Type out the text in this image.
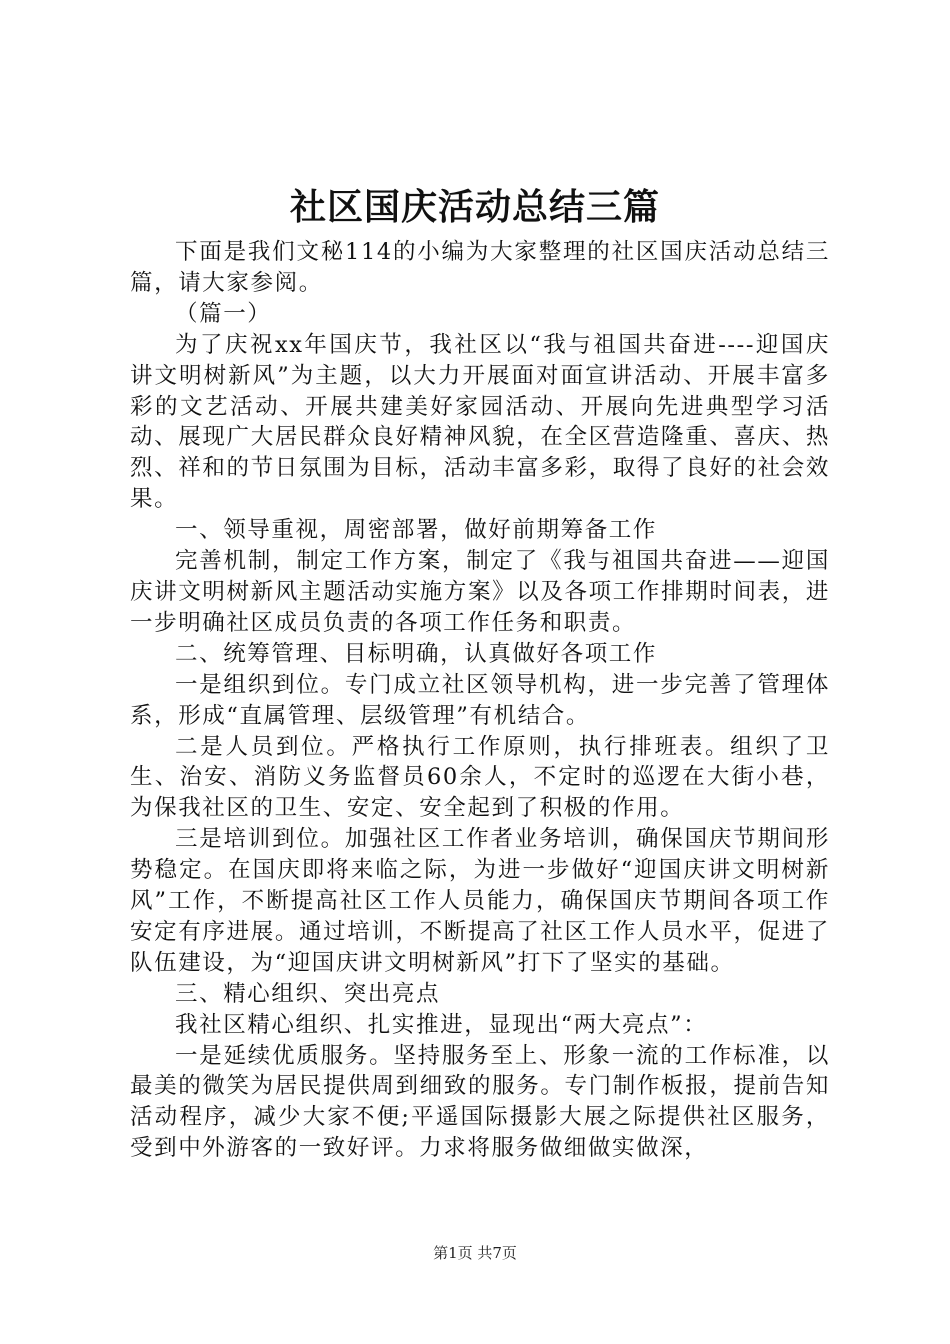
社区国庆活动总结三篇

下面是我们文秘114的小编为大家整理的社区国庆活动总结三篇，请大家参阅。

（篇一）

为了庆祝xx年国庆节，我社区以“我与祖国共奋进----迎国庆讲文明树新风”为主题，以大力开展面对面宣讲活动、开展丰富多彩的文艺活动、开展共建美好家园活动、开展向先进典型学习活动、展现广大居民群众良好精神风貌，在全区营造隆重、喜庆、热烈、祥和的节日氛围为目标，活动丰富多彩，取得了良好的社会效果。

一、领导重视，周密部署，做好前期筹备工作

完善机制，制定工作方案，制定了《我与祖国共奋进——迎国庆讲文明树新风主题活动实施方案》以及各项工作排期时间表，进一步明确社区成员负责的各项工作任务和职责。

二、统筹管理、目标明确，认真做好各项工作

一是组织到位。专门成立社区领导机构，进一步完善了管理体系，形成“直属管理、层级管理”有机结合。

二是人员到位。严格执行工作原则，执行排班表。组织了卫生、治安、消防义务监督员60余人，不定时的巡逻在大街小巷，为保我社区的卫生、安定、安全起到了积极的作用。

三是培训到位。加强社区工作者业务培训，确保国庆节期间形势稳定。在国庆即将来临之际，为进一步做好“迎国庆讲文明树新风”工作，不断提高社区工作人员能力，确保国庆节期间各项工作安定有序进展。通过培训，不断提高了社区工作人员水平，促进了队伍建设，为“迎国庆讲文明树新风”打下了坚实的基础。

三、精心组织、突出亮点

我社区精心组织、扎实推进，显现出“两大亮点”：

一是延续优质服务。坚持服务至上、形象一流的工作标准，以最美的微笑为居民提供周到细致的服务。专门制作板报，提前告知活动程序，减少大家不便;平遥国际摄影大展之际提供社区服务，受到中外游客的一致好评。力求将服务做细做实做深，

第1页 共7页
